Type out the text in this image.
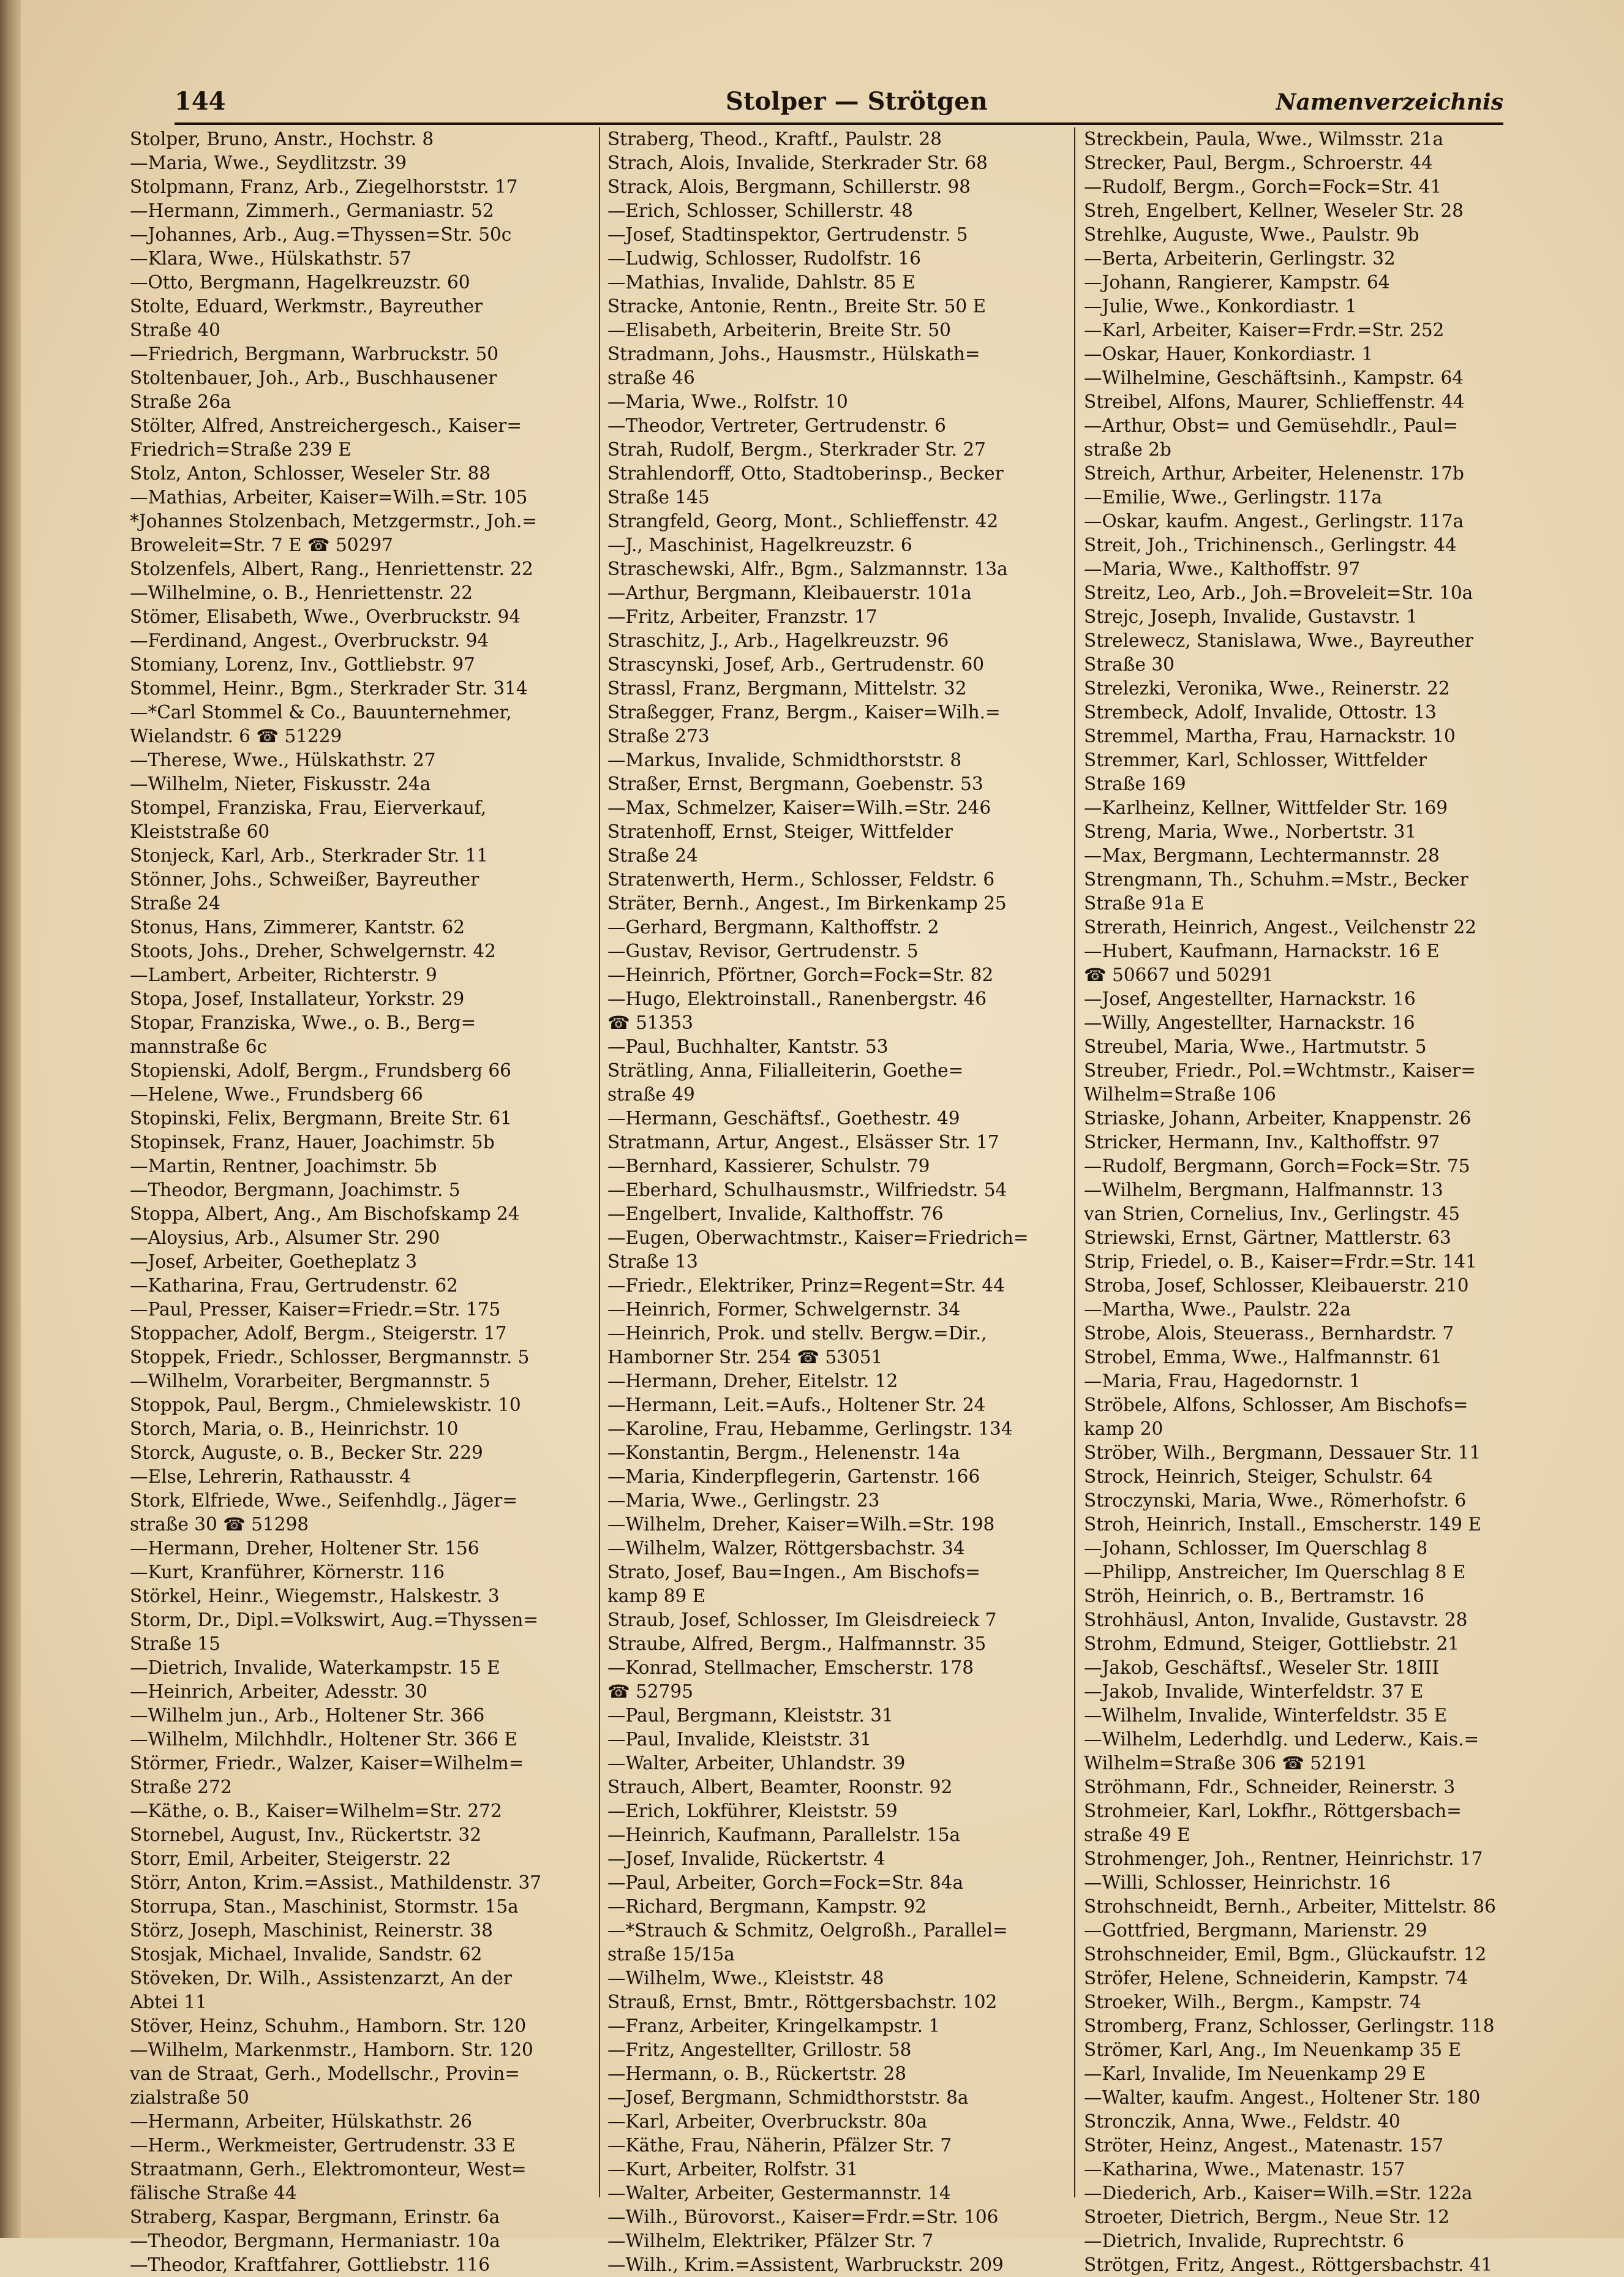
144	Stolper — Strötgen	Namenverzeichnis
Stolper, Bruno, Anstr., Hochstr. 8
—Maria, Wwe., Seydlitzstr. 39
Stolpmann, Franz, Arb., Ziegelhorststr. 17
—Hermann, Zimmerh., Germaniastr. 52
—Johannes, Arb., Aug.=Thyssen=Str. 50c
—Klara, Wwe., Hülskathstr. 57
—Otto, Bergmann, Hagelkreuzstr. 60
Stolte, Eduard, Werkmstr., Bayreuther
Straße 40
—Friedrich, Bergmann, Warbruckstr. 50
Stoltenbauer, Joh., Arb., Buschhausener
Straße 26a
Stölter, Alfred, Anstreichergesch., Kaiser=
Friedrich=Straße 239 E
Stolz, Anton, Schlosser, Weseler Str. 88
—Mathias, Arbeiter, Kaiser=Wilh.=Str. 105
*Johannes Stolzenbach, Metzgermstr., Joh.=
Broweleit=Str. 7 E ☎ 50297
Stolzenfels, Albert, Rang., Henriettenstr. 22
—Wilhelmine, o. B., Henriettenstr. 22
Stömer, Elisabeth, Wwe., Overbruckstr. 94
—Ferdinand, Angest., Overbruckstr. 94
Stomiany, Lorenz, Inv., Gottliebstr. 97
Stommel, Heinr., Bgm., Sterkrader Str. 314
—*Carl Stommel & Co., Bauunternehmer,
Wielandstr. 6 ☎ 51229
—Therese, Wwe., Hülskathstr. 27
—Wilhelm, Nieter, Fiskusstr. 24a
Stompel, Franziska, Frau, Eierverkauf,
Kleiststraße 60
Stonjeck, Karl, Arb., Sterkrader Str. 11
Stönner, Johs., Schweißer, Bayreuther
Straße 24
Stonus, Hans, Zimmerer, Kantstr. 62
Stoots, Johs., Dreher, Schwelgernstr. 42
—Lambert, Arbeiter, Richterstr. 9
Stopa, Josef, Installateur, Yorkstr. 29
Stopar, Franziska, Wwe., o. B., Berg=
mannstraße 6c
Stopienski, Adolf, Bergm., Frundsberg 66
—Helene, Wwe., Frundsberg 66
Stopinski, Felix, Bergmann, Breite Str. 61
Stopinsek, Franz, Hauer, Joachimstr. 5b
—Martin, Rentner, Joachimstr. 5b
—Theodor, Bergmann, Joachimstr. 5
Stoppa, Albert, Ang., Am Bischofskamp 24
—Aloysius, Arb., Alsumer Str. 290
—Josef, Arbeiter, Goetheplatz 3
—Katharina, Frau, Gertrudenstr. 62
—Paul, Presser, Kaiser=Friedr.=Str. 175
Stoppacher, Adolf, Bergm., Steigerstr. 17
Stoppek, Friedr., Schlosser, Bergmannstr. 5
—Wilhelm, Vorarbeiter, Bergmannstr. 5
Stoppok, Paul, Bergm., Chmielewskistr. 10
Storch, Maria, o. B., Heinrichstr. 10
Storck, Auguste, o. B., Becker Str. 229
—Else, Lehrerin, Rathausstr. 4
Stork, Elfriede, Wwe., Seifenhdlg., Jäger=
straße 30 ☎ 51298
—Hermann, Dreher, Holtener Str. 156
—Kurt, Kranführer, Körnerstr. 116
Störkel, Heinr., Wiegemstr., Halskestr. 3
Storm, Dr., Dipl.=Volkswirt, Aug.=Thyssen=
Straße 15
—Dietrich, Invalide, Waterkampstr. 15 E
—Heinrich, Arbeiter, Adesstr. 30
—Wilhelm jun., Arb., Holtener Str. 366
—Wilhelm, Milchhdlr., Holtener Str. 366 E
Störmer, Friedr., Walzer, Kaiser=Wilhelm=
Straße 272
—Käthe, o. B., Kaiser=Wilhelm=Str. 272
Stornebel, August, Inv., Rückertstr. 32
Storr, Emil, Arbeiter, Steigerstr. 22
Störr, Anton, Krim.=Assist., Mathildenstr. 37
Storrupa, Stan., Maschinist, Stormstr. 15a
Störz, Joseph, Maschinist, Reinerstr. 38
Stosjak, Michael, Invalide, Sandstr. 62
Stöveken, Dr. Wilh., Assistenzarzt, An der
Abtei 11
Stöver, Heinz, Schuhm., Hamborn. Str. 120
—Wilhelm, Markenmstr., Hamborn. Str. 120
van de Straat, Gerh., Modellschr., Provin=
zialstraße 50
—Hermann, Arbeiter, Hülskathstr. 26
—Herm., Werkmeister, Gertrudenstr. 33 E
Straatmann, Gerh., Elektromonteur, West=
fälische Straße 44
Straberg, Kaspar, Bergmann, Erinstr. 6a
—Theodor, Bergmann, Hermaniastr. 10a
—Theodor, Kraftfahrer, Gottliebstr. 116
Straberg, Theod., Kraftf., Paulstr. 28
Strach, Alois, Invalide, Sterkrader Str. 68
Strack, Alois, Bergmann, Schillerstr. 98
—Erich, Schlosser, Schillerstr. 48
—Josef, Stadtinspektor, Gertrudenstr. 5
—Ludwig, Schlosser, Rudolfstr. 16
—Mathias, Invalide, Dahlstr. 85 E
Stracke, Antonie, Rentn., Breite Str. 50 E
—Elisabeth, Arbeiterin, Breite Str. 50
Stradmann, Johs., Hausmstr., Hülskath=
straße 46
—Maria, Wwe., Rolfstr. 10
—Theodor, Vertreter, Gertrudenstr. 6
Strah, Rudolf, Bergm., Sterkrader Str. 27
Strahlendorff, Otto, Stadtoberinsp., Becker
Straße 145
Strangfeld, Georg, Mont., Schlieffenstr. 42
—J., Maschinist, Hagelkreuzstr. 6
Straschewski, Alfr., Bgm., Salzmannstr. 13a
—Arthur, Bergmann, Kleibauerstr. 101a
—Fritz, Arbeiter, Franzstr. 17
Straschitz, J., Arb., Hagelkreuzstr. 96
Strascynski, Josef, Arb., Gertrudenstr. 60
Strassl, Franz, Bergmann, Mittelstr. 32
Straßegger, Franz, Bergm., Kaiser=Wilh.=
Straße 273
—Markus, Invalide, Schmidthorststr. 8
Straßer, Ernst, Bergmann, Goebenstr. 53
—Max, Schmelzer, Kaiser=Wilh.=Str. 246
Stratenhoff, Ernst, Steiger, Wittfelder
Straße 24
Stratenwerth, Herm., Schlosser, Feldstr. 6
Sträter, Bernh., Angest., Im Birkenkamp 25
—Gerhard, Bergmann, Kalthoffstr. 2
—Gustav, Revisor, Gertrudenstr. 5
—Heinrich, Pförtner, Gorch=Fock=Str. 82
—Hugo, Elektroinstall., Ranenbergstr. 46
☎ 51353
—Paul, Buchhalter, Kantstr. 53
Strätling, Anna, Filialleiterin, Goethe=
straße 49
—Hermann, Geschäftsf., Goethestr. 49
Stratmann, Artur, Angest., Elsässer Str. 17
—Bernhard, Kassierer, Schulstr. 79
—Eberhard, Schulhausmstr., Wilfriedstr. 54
—Engelbert, Invalide, Kalthoffstr. 76
—Eugen, Oberwachtmstr., Kaiser=Friedrich=
Straße 13
—Friedr., Elektriker, Prinz=Regent=Str. 44
—Heinrich, Former, Schwelgernstr. 34
—Heinrich, Prok. und stellv. Bergw.=Dir.,
Hamborner Str. 254 ☎ 53051
—Hermann, Dreher, Eitelstr. 12
—Hermann, Leit.=Aufs., Holtener Str. 24
—Karoline, Frau, Hebamme, Gerlingstr. 134
—Konstantin, Bergm., Helenenstr. 14a
—Maria, Kinderpflegerin, Gartenstr. 166
—Maria, Wwe., Gerlingstr. 23
—Wilhelm, Dreher, Kaiser=Wilh.=Str. 198
—Wilhelm, Walzer, Röttgersbachstr. 34
Strato, Josef, Bau=Ingen., Am Bischofs=
kamp 89 E
Straub, Josef, Schlosser, Im Gleisdreieck 7
Straube, Alfred, Bergm., Halfmannstr. 35
—Konrad, Stellmacher, Emscherstr. 178
☎ 52795
—Paul, Bergmann, Kleiststr. 31
—Paul, Invalide, Kleiststr. 31
—Walter, Arbeiter, Uhlandstr. 39
Strauch, Albert, Beamter, Roonstr. 92
—Erich, Lokführer, Kleiststr. 59
—Heinrich, Kaufmann, Parallelstr. 15a
—Josef, Invalide, Rückertstr. 4
—Paul, Arbeiter, Gorch=Fock=Str. 84a
—Richard, Bergmann, Kampstr. 92
—*Strauch & Schmitz, Oelgroßh., Parallel=
straße 15/15a
—Wilhelm, Wwe., Kleiststr. 48
Strauß, Ernst, Bmtr., Röttgersbachstr. 102
—Franz, Arbeiter, Kringelkampstr. 1
—Fritz, Angestellter, Grillostr. 58
—Hermann, o. B., Rückertstr. 28
—Josef, Bergmann, Schmidthorststr. 8a
—Karl, Arbeiter, Overbruckstr. 80a
—Käthe, Frau, Näherin, Pfälzer Str. 7
—Kurt, Arbeiter, Rolfstr. 31
—Walter, Arbeiter, Gestermannstr. 14
—Wilh., Bürovorst., Kaiser=Frdr.=Str. 106
—Wilhelm, Elektriker, Pfälzer Str. 7
—Wilh., Krim.=Assistent, Warbruckstr. 209
Streckbein, Paula, Wwe., Wilmsstr. 21a
Strecker, Paul, Bergm., Schroerstr. 44
—Rudolf, Bergm., Gorch=Fock=Str. 41
Streh, Engelbert, Kellner, Weseler Str. 28
Strehlke, Auguste, Wwe., Paulstr. 9b
—Berta, Arbeiterin, Gerlingstr. 32
—Johann, Rangierer, Kampstr. 64
—Julie, Wwe., Konkordiastr. 1
—Karl, Arbeiter, Kaiser=Frdr.=Str. 252
—Oskar, Hauer, Konkordiastr. 1
—Wilhelmine, Geschäftsinh., Kampstr. 64
Streibel, Alfons, Maurer, Schlieffenstr. 44
—Arthur, Obst= und Gemüsehdlr., Paul=
straße 2b
Streich, Arthur, Arbeiter, Helenenstr. 17b
—Emilie, Wwe., Gerlingstr. 117a
—Oskar, kaufm. Angest., Gerlingstr. 117a
Streit, Joh., Trichinensch., Gerlingstr. 44
—Maria, Wwe., Kalthoffstr. 97
Streitz, Leo, Arb., Joh.=Broveleit=Str. 10a
Strejc, Joseph, Invalide, Gustavstr. 1
Strelewecz, Stanislawa, Wwe., Bayreuther
Straße 30
Strelezki, Veronika, Wwe., Reinerstr. 22
Strembeck, Adolf, Invalide, Ottostr. 13
Stremmel, Martha, Frau, Harnackstr. 10
Stremmer, Karl, Schlosser, Wittfelder
Straße 169
—Karlheinz, Kellner, Wittfelder Str. 169
Streng, Maria, Wwe., Norbertstr. 31
—Max, Bergmann, Lechtermannstr. 28
Strengmann, Th., Schuhm.=Mstr., Becker
Straße 91a E
Strerath, Heinrich, Angest., Veilchenstr 22
—Hubert, Kaufmann, Harnackstr. 16 E
☎ 50667 und 50291
—Josef, Angestellter, Harnackstr. 16
—Willy, Angestellter, Harnackstr. 16
Streubel, Maria, Wwe., Hartmutstr. 5
Streuber, Friedr., Pol.=Wchtmstr., Kaiser=
Wilhelm=Straße 106
Striaske, Johann, Arbeiter, Knappenstr. 26
Stricker, Hermann, Inv., Kalthoffstr. 97
—Rudolf, Bergmann, Gorch=Fock=Str. 75
—Wilhelm, Bergmann, Halfmannstr. 13
van Strien, Cornelius, Inv., Gerlingstr. 45
Striewski, Ernst, Gärtner, Mattlerstr. 63
Strip, Friedel, o. B., Kaiser=Frdr.=Str. 141
Stroba, Josef, Schlosser, Kleibauerstr. 210
—Martha, Wwe., Paulstr. 22a
Strobe, Alois, Steuerass., Bernhardstr. 7
Strobel, Emma, Wwe., Halfmannstr. 61
—Maria, Frau, Hagedornstr. 1
Ströbele, Alfons, Schlosser, Am Bischofs=
kamp 20
Ströber, Wilh., Bergmann, Dessauer Str. 11
Strock, Heinrich, Steiger, Schulstr. 64
Stroczynski, Maria, Wwe., Römerhofstr. 6
Stroh, Heinrich, Install., Emscherstr. 149 E
—Johann, Schlosser, Im Querschlag 8
—Philipp, Anstreicher, Im Querschlag 8 E
Ströh, Heinrich, o. B., Bertramstr. 16
Strohhäusl, Anton, Invalide, Gustavstr. 28
Strohm, Edmund, Steiger, Gottliebstr. 21
—Jakob, Geschäftsf., Weseler Str. 18III
—Jakob, Invalide, Winterfeldstr. 37 E
—Wilhelm, Invalide, Winterfeldstr. 35 E
—Wilhelm, Lederhdlg. und Lederw., Kais.=
Wilhelm=Straße 306 ☎ 52191
Ströhmann, Fdr., Schneider, Reinerstr. 3
Strohmeier, Karl, Lokfhr., Röttgersbach=
straße 49 E
Strohmenger, Joh., Rentner, Heinrichstr. 17
—Willi, Schlosser, Heinrichstr. 16
Strohschneidt, Bernh., Arbeiter, Mittelstr. 86
—Gottfried, Bergmann, Marienstr. 29
Strohschneider, Emil, Bgm., Glückaufstr. 12
Ströfer, Helene, Schneiderin, Kampstr. 74
Stroeker, Wilh., Bergm., Kampstr. 74
Stromberg, Franz, Schlosser, Gerlingstr. 118
Strömer, Karl, Ang., Im Neuenkamp 35 E
—Karl, Invalide, Im Neuenkamp 29 E
—Walter, kaufm. Angest., Holtener Str. 180
Stronczik, Anna, Wwe., Feldstr. 40
Ströter, Heinz, Angest., Matenastr. 157
—Katharina, Wwe., Matenastr. 157
—Diederich, Arb., Kaiser=Wilh.=Str. 122a
Stroeter, Dietrich, Bergm., Neue Str. 12
—Dietrich, Invalide, Ruprechtstr. 6
Strötgen, Fritz, Angest., Röttgersbachstr. 41
